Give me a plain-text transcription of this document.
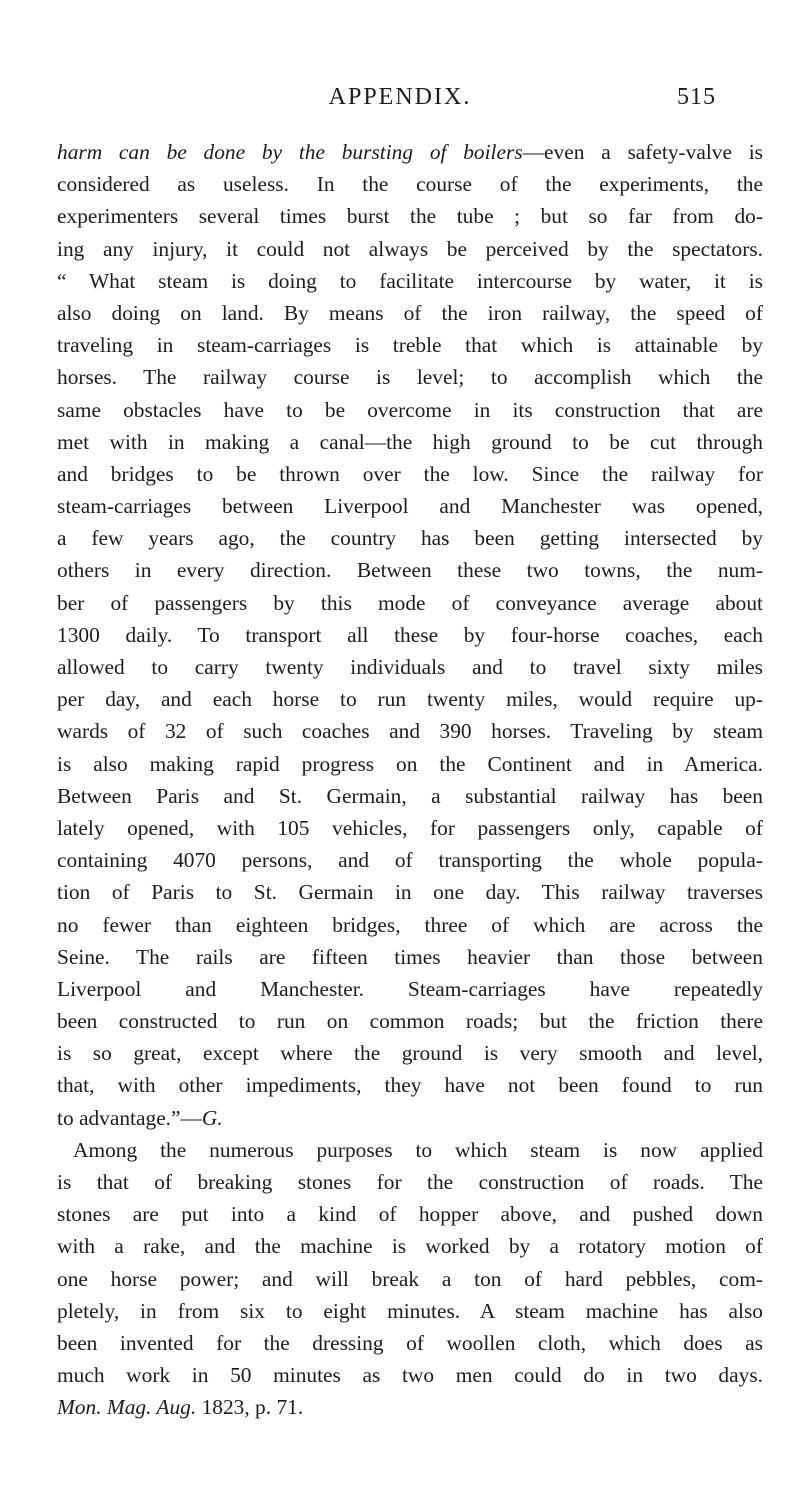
APPENDIX.	515
harm can be done by the bursting of boilers—even a safety-valve is
considered as useless. In the course of the experiments, the
experimenters several times burst the tube ; but so far from do-
ing any injury, it could not always be perceived by the spectators.
“ What steam is doing to facilitate intercourse by water, it is
also doing on land. By means of the iron railway, the speed of
traveling in steam-carriages is treble that which is attainable by
horses. The railway course is level; to accomplish which the
same obstacles have to be overcome in its construction that are
met with in making a canal—the high ground to be cut through
and bridges to be thrown over the low. Since the railway for
steam-carriages between Liverpool and Manchester was opened,
a few years ago, the country has been getting intersected by
others in every direction. Between these two towns, the num-
ber of passengers by this mode of conveyance average about
1300 daily. To transport all these by four-horse coaches, each
allowed to carry twenty individuals and to travel sixty miles
per day, and each horse to run twenty miles, would require up-
wards of 32 of such coaches and 390 horses. Traveling by steam
is also making rapid progress on the Continent and in America.
Between Paris and St. Germain, a substantial railway has been
lately opened, with 105 vehicles, for passengers only, capable of
containing 4070 persons, and of transporting the whole popula-
tion of Paris to St. Germain in one day. This railway traverses
no fewer than eighteen bridges, three of which are across the
Seine. The rails are fifteen times heavier than those between
Liverpool and Manchester. Steam-carriages have repeatedly
been constructed to run on common roads; but the friction there
is so great, except where the ground is very smooth and level,
that, with other impediments, they have not been found to run
to advantage.”—G.
Among the numerous purposes to which steam is now applied
is that of breaking stones for the construction of roads. The
stones are put into a kind of hopper above, and pushed down
with a rake, and the machine is worked by a rotatory motion of
one horse power; and will break a ton of hard pebbles, com-
pletely, in from six to eight minutes. A steam machine has also
been invented for the dressing of woollen cloth, which does as
much work in 50 minutes as two men could do in two days.
Mon. Mag. Aug. 1823, p. 71.
